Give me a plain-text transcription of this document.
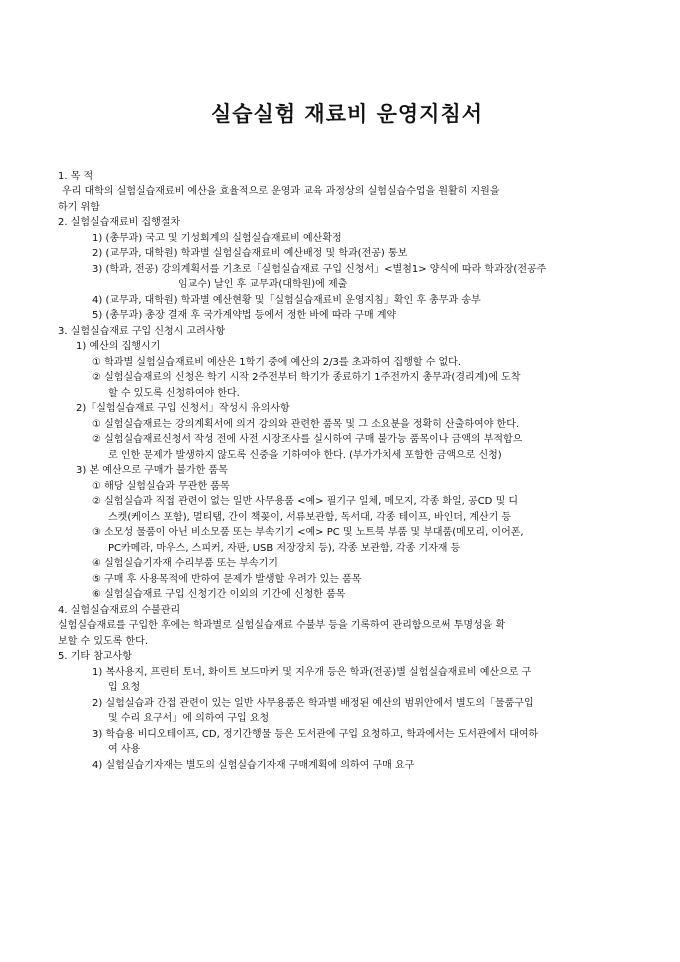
실습실험 재료비 운영지침서
1. 목 적
우리 대학의 실험실습재료비 예산을 효율적으로 운영과 교육 과정상의 실험실습수업을 원활히 지원을
하기 위함
2. 실험실습재료비 집행절차
1) (총무과) 국고 및 기성회계의 실험실습재료비 예산확정
2) (교무과, 대학원) 학과별 실험실습재료비 예산배정 및 학과(전공) 통보
3) (학과, 전공) 강의계획서를 기초로「실험실습재료 구입 신청서」<별첨1> 양식에 따라 학과장(전공주
임교수) 날인 후 교무과(대학원)에 제출
4) (교무과, 대학원) 학과별 예산현황 및「실험실습재료비 운영지침」확인 후 총무과 송부
5) (총무과) 총장 결재 후 국가계약법 등에서 정한 바에 따라 구매 계약
3. 실험실습재료 구입 신청시 고려사항
1) 예산의 집행시기
① 학과별 실험실습재료비 예산은 1학기 중에 예산의 2/3를 초과하여 집행할 수 없다.
② 실험실습재료의 신청은 학기 시작 2주전부터 학기가 종료하기 1주전까지 총무과(경리계)에 도착
할 수 있도록 신청하여야 한다.
2)「실험실습재료 구입 신청서」작성시 유의사항
① 실험실습재료는 강의계획서에 의거 강의와 관련한 품목 및 그 소요분을 정확히 산출하여야 한다.
② 실험실습재료신청서 작성 전에 사전 시장조사를 실시하여 구매 불가능 품목이나 금액의 부적합으
로 인한 문제가 발생하지 않도록 신중을 기하여야 한다. (부가가치세 포함한 금액으로 신청)
3) 본 예산으로 구매가 불가한 품목
① 해당 실험실습과 무관한 품목
② 실험실습과 직접 관련이 없는 일반 사무용품 <예> 필기구 일체, 메모지, 각종 화일, 공CD 및 디
스켓(케이스 포함), 멀티탭, 간이 책꽂이, 서류보관함, 독서대, 각종 테이프, 바인더, 계산기 등
③ 소모성 물품이 아닌 비소모품 또는 부속기기 <예> PC 및 노트북 부품 및 부대품(메모리, 이어폰,
PC카메라, 마우스, 스피커, 자판, USB 저장장치 등), 각종 보관함, 각종 기자재 등
④ 실험실습기자재 수리부품 또는 부속기기
⑤ 구매 후 사용목적에 반하여 문제가 발생할 우려가 있는 품목
⑥ 실험실습재료 구입 신청기간 이외의 기간에 신청한 품목
4. 실험실습재료의 수불관리
실험실습재료를 구입한 후에는 학과별로 실험실습재료 수불부 등을 기록하여 관리함으로써 투명성을 확
보할 수 있도록 한다.
5. 기타 참고사항
1) 복사용지, 프린터 토너, 화이트 보드마커 및 지우개 등은 학과(전공)별 실험실습재료비 예산으로 구
입 요청
2) 실험실습과 간접 관련이 있는 일반 사무용품은 학과별 배정된 예산의 범위안에서 별도의「물품구입
및 수리 요구서」에 의하여 구입 요청
3) 학습용 비디오테이프, CD, 정기간행물 등은 도서관에 구입 요청하고, 학과에서는 도서관에서 대여하
여 사용
4) 실험실습기자재는 별도의 실험실습기자재 구매계획에 의하여 구매 요구
